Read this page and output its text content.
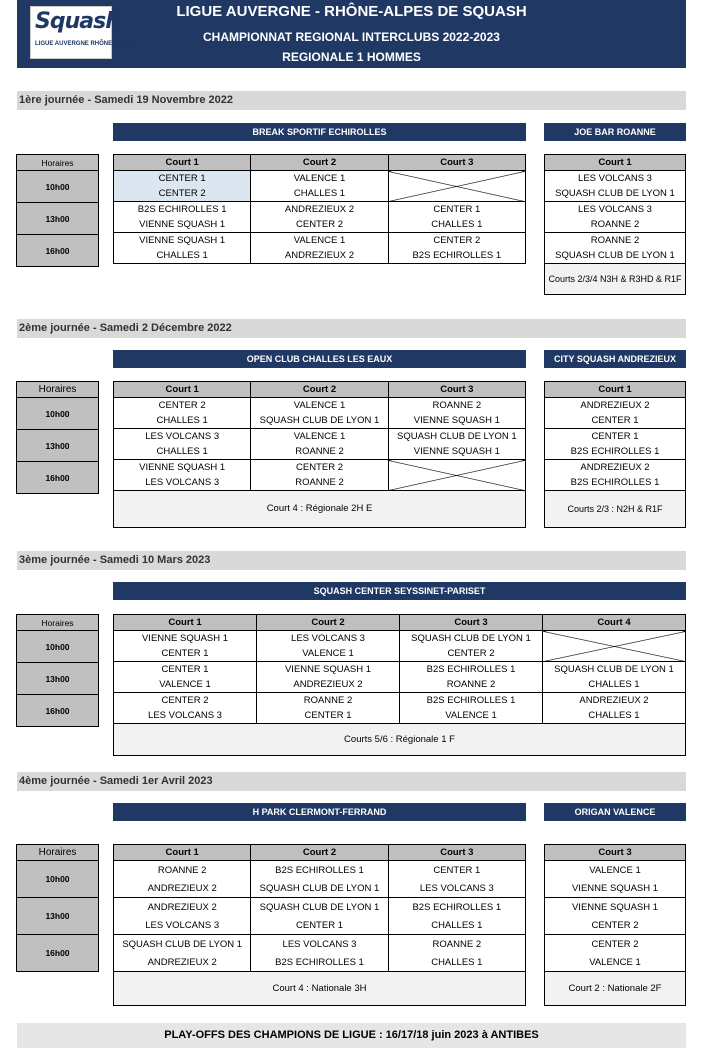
LIGUE AUVERGNE - RHÔNE-ALPES DE SQUASH
CHAMPIONNAT REGIONAL INTERCLUBS 2022-2023
REGIONALE 1 HOMMES
Squash
LIGUE AUVERGNE RHÔNE-ALPES
1ère journée - Samedi 19 Novembre 2022
BREAK SPORTIF ECHIROLLES	JOE BAR ROANNE
Horaires
10h00
13h00
16h00
Court 1	Court 2	Court 3
CENTER 1	VALENCE 1	
CENTER 2	CHALLES 1	
B2S ECHIROLLES 1	ANDREZIEUX 2	CENTER 1
VIENNE SQUASH 1	CENTER 2	CHALLES 1
VIENNE SQUASH 1	VALENCE 1	CENTER 2
CHALLES 1	ANDREZIEUX 2	B2S ECHIROLLES 1
Court 1
LES VOLCANS 3
SQUASH CLUB DE LYON 1
LES VOLCANS 3
ROANNE 2
ROANNE 2
SQUASH CLUB DE LYON 1
Courts 2/3/4 N3H & R3HD & R1F
2ème journée - Samedi 2 Décembre 2022
OPEN CLUB CHALLES LES EAUX	CITY SQUASH ANDREZIEUX
Horaires
10h00
13h00
16h00
Court 1	Court 2	Court 3
CENTER 2	VALENCE 1	ROANNE 2
CHALLES 1	SQUASH CLUB DE LYON 1	VIENNE SQUASH 1
LES VOLCANS 3	VALENCE 1	SQUASH CLUB DE LYON 1
CHALLES 1	ROANNE 2	VIENNE SQUASH 1
VIENNE SQUASH 1	CENTER 2	
LES VOLCANS 3	ROANNE 2	
Court 4 : Régionale 2H E		
Court 1
ANDREZIEUX 2
CENTER 1
CENTER 1
B2S ECHIROLLES 1
ANDREZIEUX 2
B2S ECHIROLLES 1
Courts 2/3 : N2H & R1F
3ème journée - Samedi 10 Mars 2023
SQUASH CENTER SEYSSINET-PARISET
Horaires
10h00
13h00
16h00
Court 1	Court 2	Court 3	Court 4
VIENNE SQUASH 1	LES VOLCANS 3	SQUASH CLUB DE LYON 1	
CENTER 1	VALENCE 1	CENTER 2	
CENTER 1	VIENNE SQUASH 1	B2S ECHIROLLES 1	SQUASH CLUB DE LYON 1
VALENCE 1	ANDREZIEUX 2	ROANNE 2	CHALLES 1
CENTER 2	ROANNE 2	B2S ECHIROLLES 1	ANDREZIEUX 2
LES VOLCANS 3	CENTER 1	VALENCE 1	CHALLES 1
Courts 5/6 : Régionale 1 F			
4ème journée - Samedi 1er Avril 2023
H PARK CLERMONT-FERRAND	ORIGAN VALENCE
Horaires
10h00
13h00
16h00
Court 1	Court 2	Court 3
ROANNE 2	B2S ECHIROLLES 1	CENTER 1
ANDREZIEUX 2	SQUASH CLUB DE LYON 1	LES VOLCANS 3
ANDREZIEUX 2	SQUASH CLUB DE LYON 1	B2S ECHIROLLES 1
LES VOLCANS 3	CENTER 1	CHALLES 1
SQUASH CLUB DE LYON 1	LES VOLCANS 3	ROANNE 2
ANDREZIEUX 2	B2S ECHIROLLES 1	CHALLES 1
Court 4 : Nationale 3H		
Court 3
VALENCE 1
VIENNE SQUASH 1
VIENNE SQUASH 1
CENTER 2
CENTER 2
VALENCE 1
Court 2 : Nationale 2F
PLAY-OFFS DES CHAMPIONS DE LIGUE : 16/17/18 juin 2023 à ANTIBES
